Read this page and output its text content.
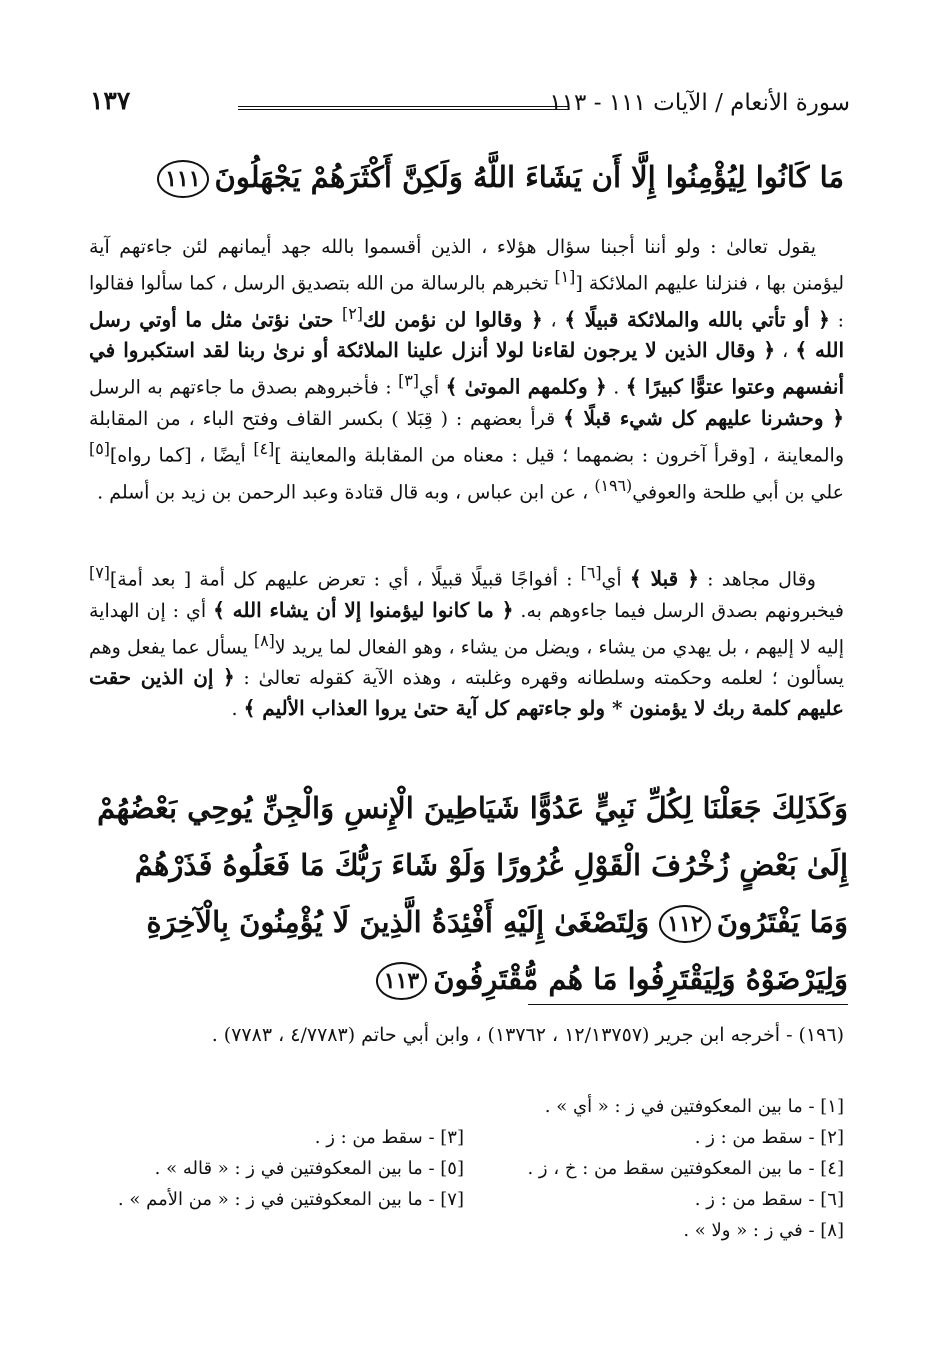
سورة الأنعام / الآيات ١١١ - ١١٣
١٣٧
مَا كَانُوا لِيُؤْمِنُوا إِلَّا أَن يَشَاءَ اللَّهُ وَلَكِنَّ أَكْثَرَهُمْ يَجْهَلُونَ١١١

يقول تعالىٰ : ولو أننا أجبنا سؤال هؤلاء ، الذين أقسموا بالله جهد أيمانهم لئن جاءتهم آية ليؤمنن بها ، فنزلنا عليهم الملائكة [[١] تخبرهم بالرسالة من الله بتصديق الرسل ، كما سألوا فقالوا : ﴿ أو تأتي بالله والملائكة قبيلًا ﴾ ، ﴿ وقالوا لن نؤمن لك[٢] حتىٰ نؤتىٰ مثل ما أوتي رسل الله ﴾ ، ﴿ وقال الذين لا يرجون لقاءنا لولا أنزل علينا الملائكة أو نرىٰ ربنا لقد استكبروا في أنفسهم وعتوا عتوًّا كبيرًا ﴾ . ﴿ وكلمهم الموتىٰ ﴾ أي[٣] : فأخبروهم بصدق ما جاءتهم به الرسل ﴿ وحشرنا عليهم كل شيء قبلًا ﴾ قرأ بعضهم : ( قِبَلا ) بكسر القاف وفتح الباء ، من المقابلة والمعاينة ، [وقرأ آخرون : بضمهما ؛ قيل : معناه من المقابلة والمعاينة ][٤] أيضًا ، [كما رواه][٥] علي بن أبي طلحة والعوفي$^{(١٩٦)}$ ، عن ابن عباس ، وبه قال قتادة وعبد الرحمن بن زيد بن أسلم .

وقال مجاهد : ﴿ قبلا ﴾ أي[٦] : أفواجًا قبيلًا قبيلًا ، أي : تعرض عليهم كل أمة [ بعد أمة][٧] فيخبرونهم بصدق الرسل فيما جاءوهم به. ﴿ ما كانوا ليؤمنوا إلا أن يشاء الله ﴾ أي : إن الهداية إليه لا إليهم ، بل يهدي من يشاء ، ويضل من يشاء ، وهو الفعال لما يريد لا[٨] يسأل عما يفعل وهم يسألون ؛ لعلمه وحكمته وسلطانه وقهره وغلبته ، وهذه الآية كقوله تعالىٰ : ﴿ إن الذين حقت عليهم كلمة ربك لا يؤمنون * ولو جاءتهم كل آية حتىٰ يروا العذاب الأليم ﴾ .

وَكَذَلِكَ جَعَلْنَا لِكُلِّ نَبِيٍّ عَدُوًّا شَيَاطِينَ الْإِنسِ وَالْجِنِّ يُوحِي بَعْضُهُمْ إِلَىٰ بَعْضٍ زُخْرُفَ الْقَوْلِ غُرُورًا وَلَوْ شَاءَ رَبُّكَ مَا فَعَلُوهُ فَذَرْهُمْ وَمَا يَفْتَرُونَ١١٢ وَلِتَصْغَىٰ إِلَيْهِ أَفْئِدَةُ الَّذِينَ لَا يُؤْمِنُونَ بِالْآخِرَةِ وَلِيَرْضَوْهُ وَلِيَقْتَرِفُوا مَا هُم مُّقْتَرِفُونَ١١٣
(١٩٦) - أخرجه ابن جرير (١٢/١٣٧٥٧ ، ١٣٧٦٢) ، وابن أبي حاتم (٤/٧٧٨٣ ، ٧٧٨٣) .
[١] - ما بين المعكوفتين في ز : « أي » .
[٢] - سقط من : ز .
[٣] - سقط من : ز .
[٤] - ما بين المعكوفتين سقط من : خ ، ز .
[٥] - ما بين المعكوفتين في ز : « قاله » .
[٦] - سقط من : ز .
[٧] - ما بين المعكوفتين في ز : « من الأمم » .
[٨] - في ز : « ولا » .
